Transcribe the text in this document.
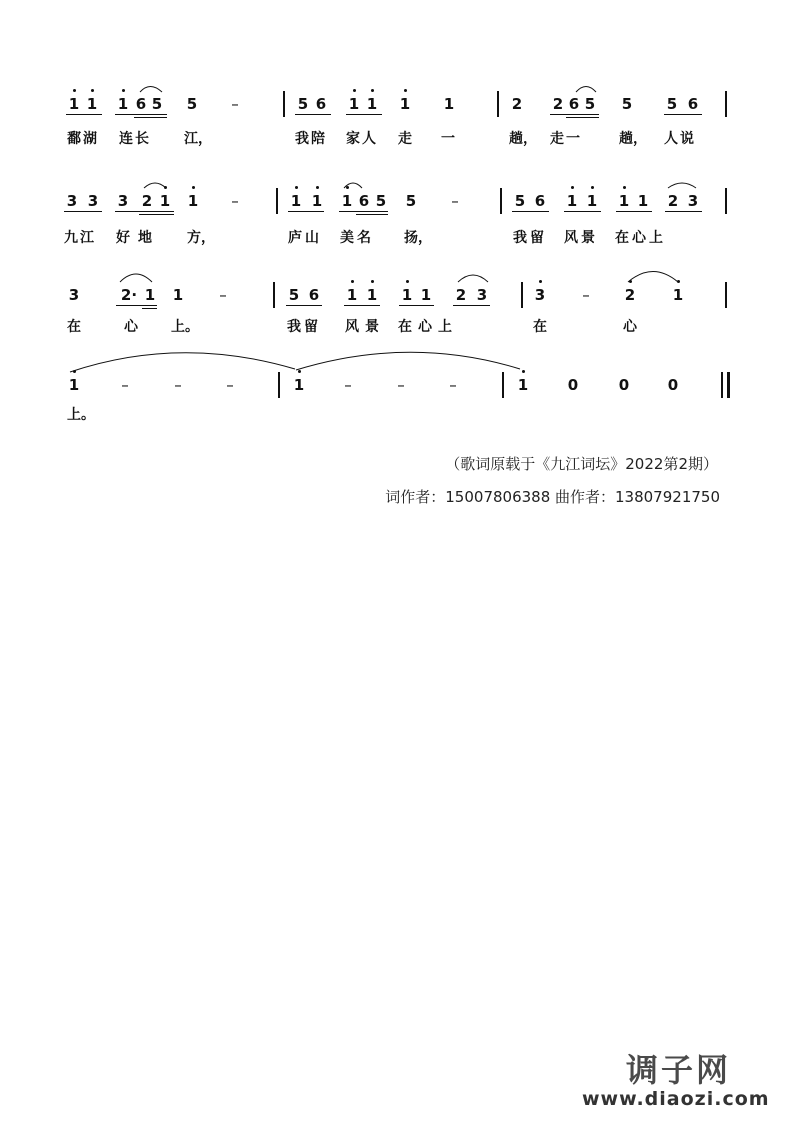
1 1 1 6 5 5 –	5 6 1 1 1 1	2 2 6 5 5 5 6
鄱湖 连长 江，	我陪 家人 走 一	趟， 走一	趟， 人说
3 3 3 2 1 1 –	1 1 1 6 5 5 –	5 6 1 1 1 1 2 3
九江 好地 方，	庐山 美名 扬，	我留 风景 在心上
3	2· 1 1 –	5 6 1 1 1 1 2 3	3 – 2	1
在	心 上。	我留 风景 在心上	在	心
1	–	–	–	1	–	–	–	1	0	0	0
上。
（歌词原载于《九江词坛》2022第2期）
词作者：15007806388 曲作者：13807921750
调子网
www.diaozi.com
